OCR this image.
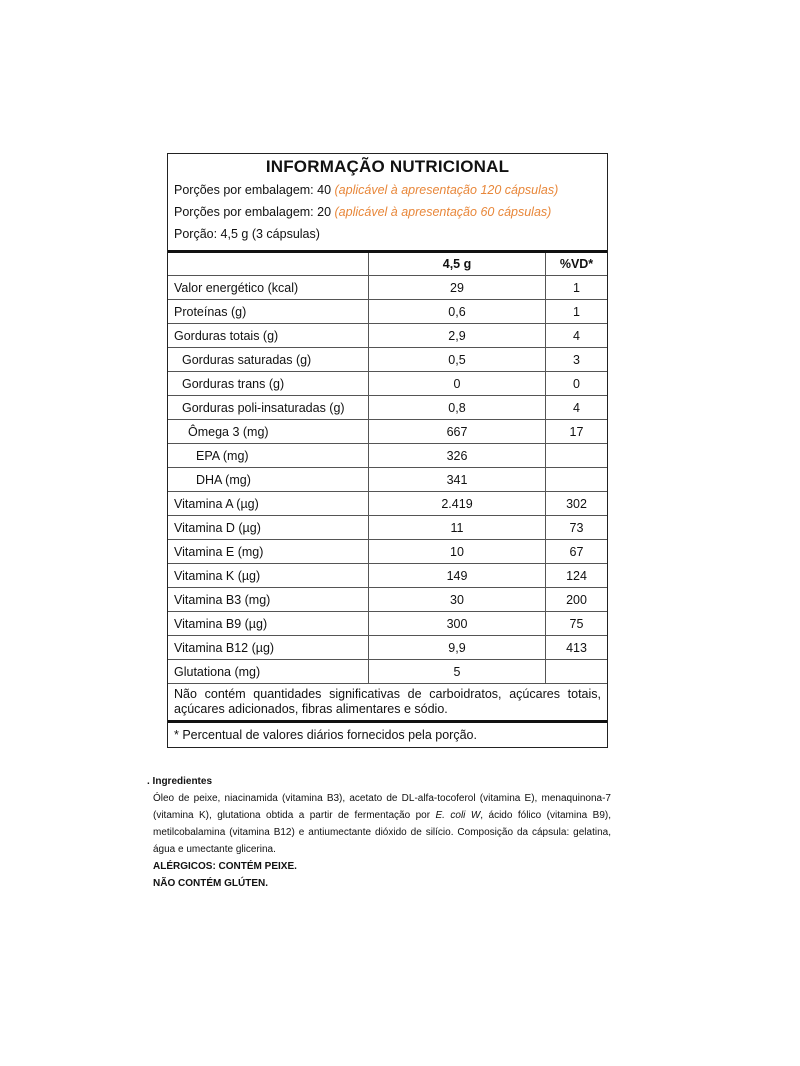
INFORMAÇÃO NUTRICIONAL
Porções por embalagem: 40 (aplicável à apresentação 120 cápsulas)
Porções por embalagem: 20 (aplicável à apresentação 60 cápsulas)
Porção: 4,5 g (3 cápsulas)
	4,5 g	%VD*
Valor energético (kcal)	29	1
Proteínas (g)	0,6	1
Gorduras totais (g)	2,9	4
Gorduras saturadas (g)	0,5	3
Gorduras trans (g)	0	0
Gorduras poli-insaturadas (g)	0,8	4
Ômega 3 (mg)	667	17
EPA (mg)	326	
DHA (mg)	341	
Vitamina A (µg)	2.419	302
Vitamina D (µg)	11	73
Vitamina E (mg)	10	67
Vitamina K (µg)	149	124
Vitamina B3 (mg)	30	200
Vitamina B9 (µg)	300	75
Vitamina B12 (µg)	9,9	413
Glutationa (mg)	5	
Não contém quantidades significativas de carboidratos, açúcares totais, açúcares adicionados, fibras alimentares e sódio.
* Percentual de valores diários fornecidos pela porção.
. Ingredientes
Óleo de peixe, niacinamida (vitamina B3), acetato de DL-alfa-tocoferol (vitamina E), menaquinona-7 (vitamina K), glutationa obtida a partir de fermentação por E. coli W, ácido fólico (vitamina B9), metilcobalamina (vitamina B12) e antiumectante dióxido de silício. Composição da cápsula: gelatina, água e umectante glicerina.
ALÉRGICOS: CONTÉM PEIXE.
NÃO CONTÉM GLÚTEN.
